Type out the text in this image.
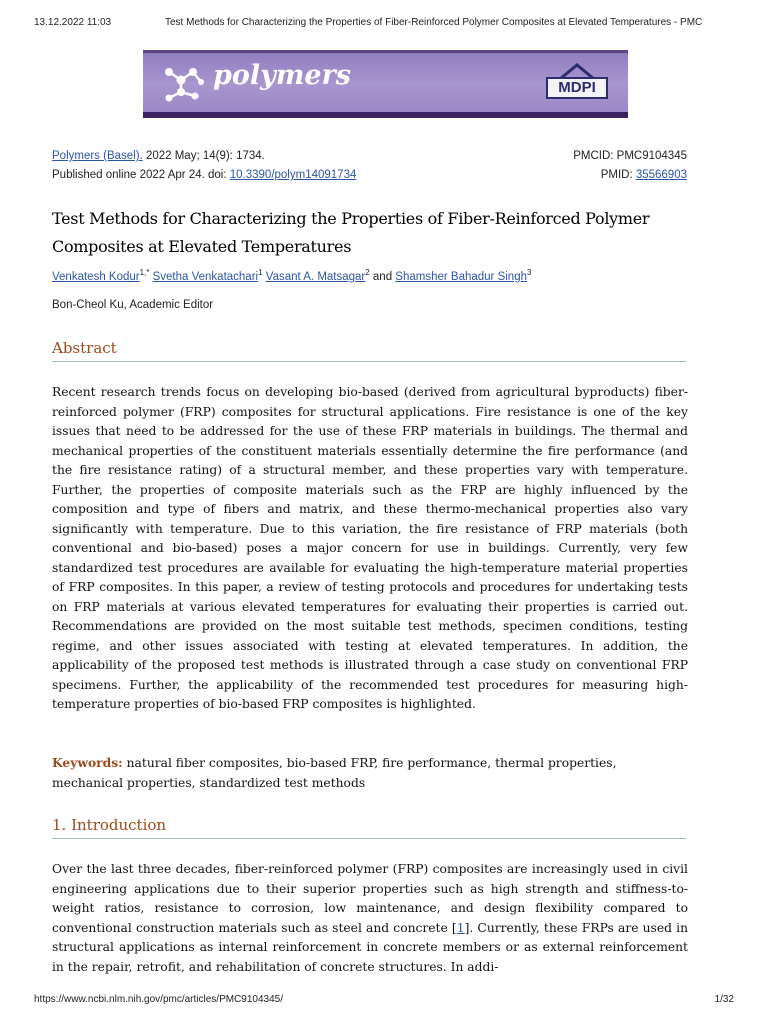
13.12.2022 11:03	Test Methods for Characterizing the Properties of Fiber-Reinforced Polymer Composites at Elevated Temperatures - PMC
polymers	MDPI
Polymers (Basel). 2022 May; 14(9): 1734.	PMCID: PMC9104345
Published online 2022 Apr 24. doi: 10.3390/polym14091734	PMID: 35566903
Test Methods for Characterizing the Properties of Fiber-Reinforced Polymer Composites at Elevated Temperatures
Venkatesh Kodur$^{1,*}$ Svetha Venkatachari$^1$ Vasant A. Matsagar$^2$ and Shamsher Bahadur Singh$^3$
Bon-Cheol Ku, Academic Editor
Abstract
Recent research trends focus on developing bio-based (derived from agricultural byproducts) fiber-reinforced polymer (FRP) composites for structural applications. Fire resistance is one of the key issues that need to be addressed for the use of these FRP materials in buildings. The thermal and mechanical properties of the constituent materials essentially determine the fire performance (and the fire resistance rating) of a structural member, and these properties vary with temperature. Further, the properties of composite materials such as the FRP are highly influenced by the composition and type of fibers and matrix, and these thermo-mechanical properties also vary significantly with temperature. Due to this variation, the fire resistance of FRP materials (both conventional and bio-based) poses a major concern for use in buildings. Currently, very few standardized test procedures are available for evaluating the high-temperature material properties of FRP composites. In this paper, a review of testing protocols and procedures for undertaking tests on FRP materials at various elevated temperatures for evaluating their properties is carried out. Recommendations are provided on the most suitable test methods, specimen conditions, testing regime, and other issues associated with testing at elevated temperatures. In addition, the applicability of the proposed test methods is illustrated through a case study on conventional FRP specimens. Further, the applicability of the recommended test procedures for measuring high-temperature properties of bio-based FRP composites is highlighted.
Keywords: natural fiber composites, bio-based FRP, fire performance, thermal properties, mechanical properties, standardized test methods
1. Introduction
Over the last three decades, fiber-reinforced polymer (FRP) composites are increasingly used in civil engineering applications due to their superior properties such as high strength and stiffness-to-weight ratios, resistance to corrosion, low maintenance, and design flexibility compared to conventional construction materials such as steel and concrete [1]. Currently, these FRPs are used in structural applications as internal reinforcement in concrete members or as external reinforcement in the repair, retrofit, and rehabilitation of concrete structures. In addi-
https://www.ncbi.nlm.nih.gov/pmc/articles/PMC9104345/	1/32
